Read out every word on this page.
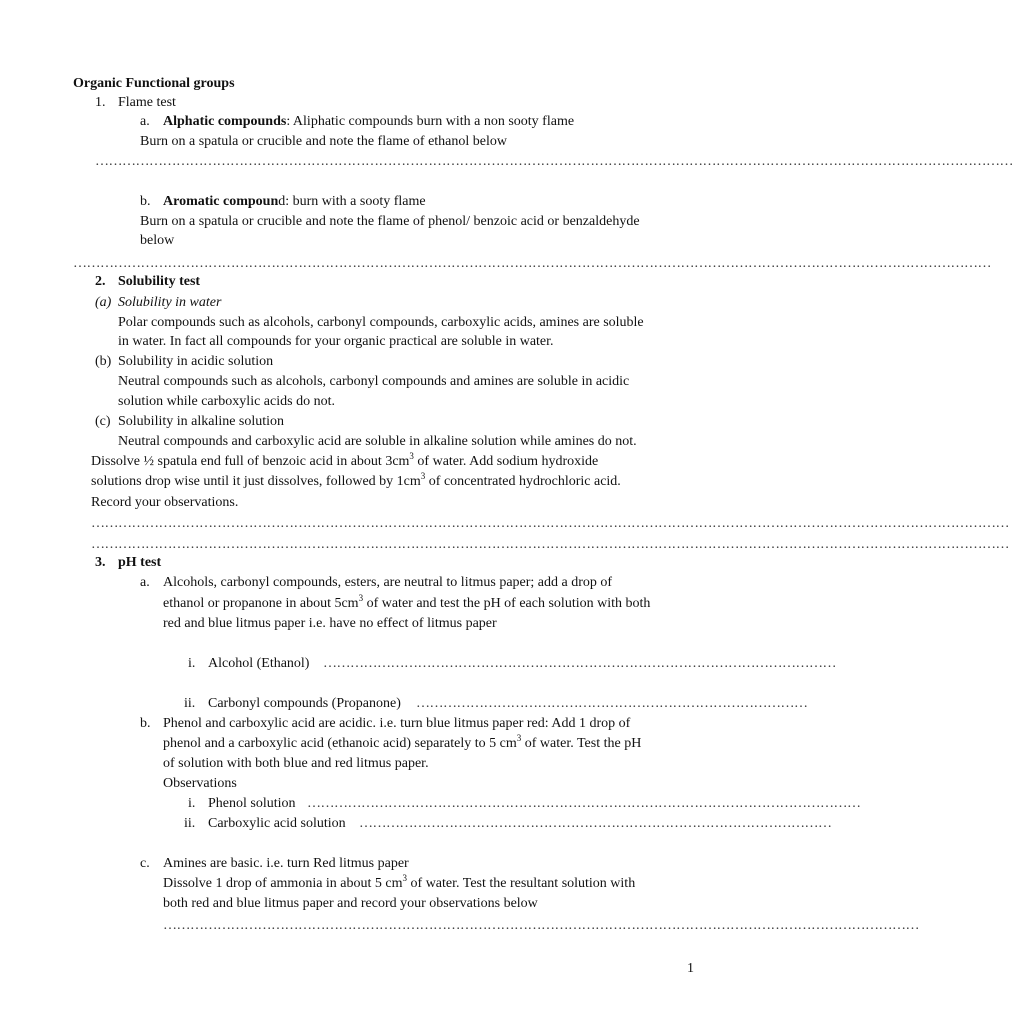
Organic Functional groups
1. Flame test
a. Alphatic compounds: Aliphatic compounds burn with a non sooty flame
Burn on a spatula or crucible and note the flame of ethanol below
……………………………………………………………………………………………………………………………………………………………………………………
b. Aromatic compound: burn with a sooty flame
Burn on a spatula or crucible and note the flame of phenol/ benzoic acid or benzaldehyde
below
……………………………………………………………………………………………………………………………………………………………………………………
2. Solubility test
(a) Solubility in water
Polar compounds such as alcohols, carbonyl compounds, carboxylic acids, amines are soluble
in water. In fact all compounds for your organic practical are soluble in water.
(b) Solubility in acidic solution
Neutral compounds such as alcohols, carbonyl compounds and amines are soluble in acidic
solution while carboxylic acids do not.
(c) Solubility in alkaline solution
Neutral compounds and carboxylic acid are soluble in alkaline solution while amines do not.
Dissolve ½ spatula end full of benzoic acid in about $3cm^3$ of water. Add sodium hydroxide
solutions drop wise until it just dissolves, followed by $1cm^3$ of concentrated hydrochloric acid.
Record your observations.
……………………………………………………………………………………………………………………………………………………………………………………
……………………………………………………………………………………………………………………………………………………………………………………
3. pH test
a. Alcohols, carbonyl compounds, esters, are neutral to litmus paper; add a drop of
ethanol or propanone in about $5cm^3$ of water and test the pH of each solution with both
red and blue litmus paper i.e. have no effect of litmus paper
i. Alcohol (Ethanol) ……………………………………………………………………………………………………
ii. Carbonyl compounds (Propanone) ……………………………………………………………………………
b. Phenol and carboxylic acid are acidic. i.e. turn blue litmus paper red: Add 1 drop of
phenol and a carboxylic acid (ethanoic acid) separately to 5 $cm^3$ of water. Test the pH
of solution with both blue and red litmus paper.
Observations
i. Phenol solution ……………………………………………………………………………………………………………
ii. Carboxylic acid solution ……………………………………………………………………………………………
c. Amines are basic. i.e. turn Red litmus paper
Dissolve 1 drop of ammonia in about 5 $cm^3$ of water. Test the resultant solution with
both red and blue litmus paper and record your observations below
……………………………………………………………………………………………………………………………………………………
1
